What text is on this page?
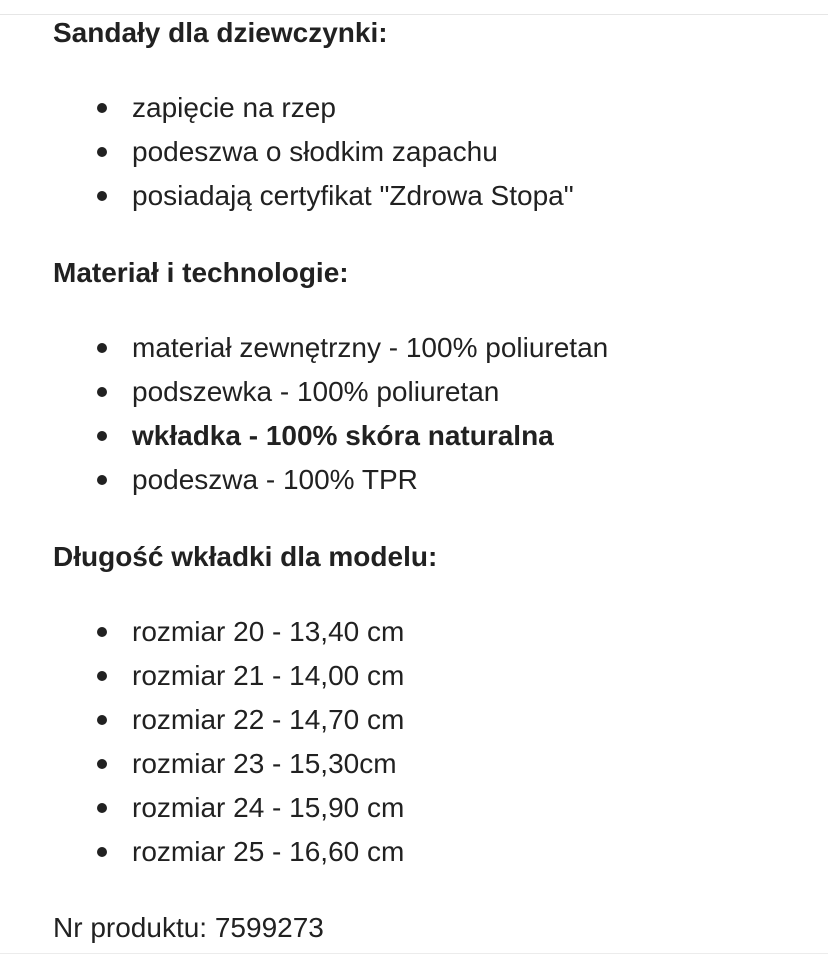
Sandały dla dziewczynki:
zapięcie na rzep
podeszwa o słodkim zapachu
posiadają certyfikat "Zdrowa Stopa"
Materiał i technologie:
materiał zewnętrzny - 100% poliuretan
podszewka - 100% poliuretan
wkładka - 100% skóra naturalna
podeszwa - 100% TPR
Długość wkładki dla modelu:
rozmiar 20 - 13,40 cm
rozmiar 21 - 14,00 cm
rozmiar 22 - 14,70 cm
rozmiar 23 - 15,30cm
rozmiar 24 - 15,90 cm
rozmiar 25 - 16,60 cm
Nr produktu: 7599273
